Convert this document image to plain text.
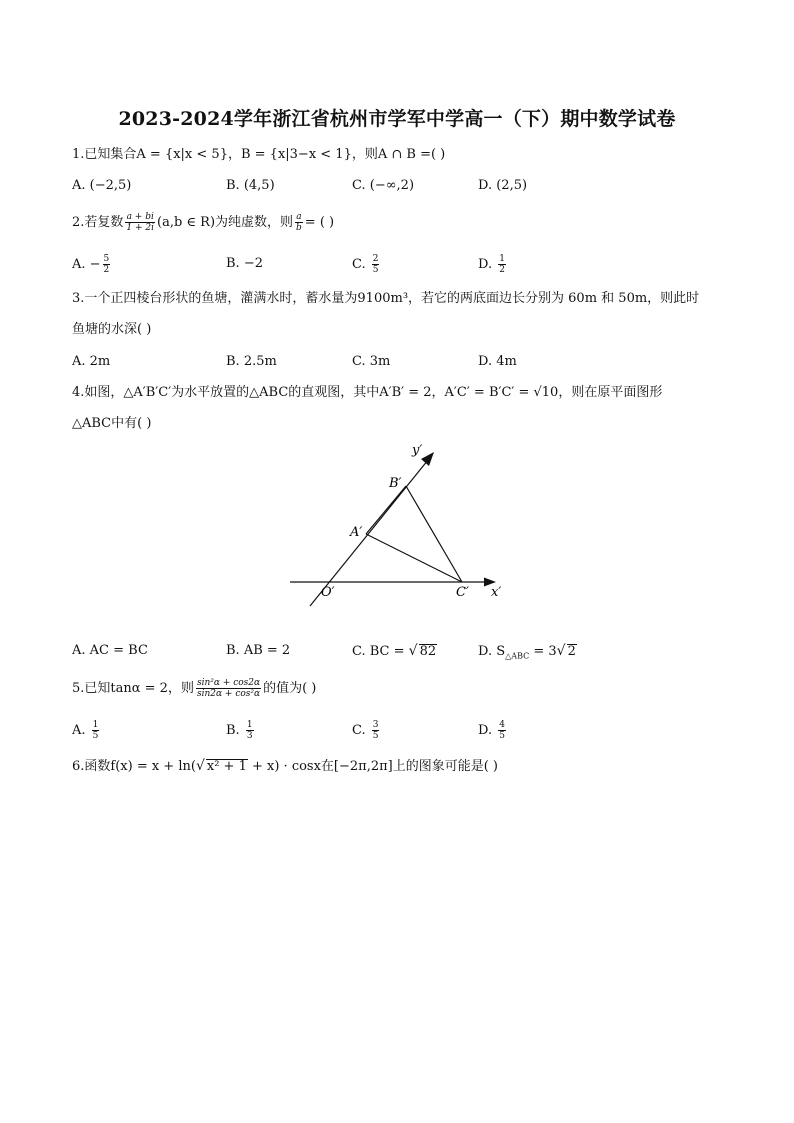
2023-2024学年浙江省杭州市学军中学高一（下）期中数学试卷
1.已知集合A = {x|x < 5}，B = {x|3−x < 1}，则A ∩ B =( )
A. (−2,5)	B. (4,5)	C. (−∞,2)	D. (2,5)
2.若复数 $\frac{a + bi}{1 + 2i} (a,b$ ∈ R)为纯虚数，则 $\frac{a}{b}$ = ( )
A. − $\frac{5}{2}$	B. −2	C. $\frac{2}{5}$	D. $\frac{1}{2}$
3.一个正四棱台形状的鱼塘，灌满水时，蓄水量为9100m³，若它的两底面边长分别为 60m 和 50m，则此时
鱼塘的水深( )
A. 2m	B. 2.5m	C. 3m	D. 4m
4.如图，△A′B′C′为水平放置的△ABC的直观图，其中A′B′ = 2，A′C′ = B′C′ = √10，则在原平面图形
△ABC中有( )
y′
x′
O′
A′
B′
C′
A. AC = BC	B. AB = 2	C. BC = √ 82	D. $S_{\triangle ABC} = 3√$ 2
5.已知tanα = 2，则 $\frac{\text{sin²α + cos2α}}{\text{sin2α + cos²α}}$ 的值为( )
A. $\frac{1}{5}$	B. $\frac{1}{3}$	C. $\frac{3}{5}$	D. $\frac{4}{5}$
6.函数f(x) = x + ln(√ x² + 1 + x) · cosx在[−2π,2π]上的图象可能是( )
